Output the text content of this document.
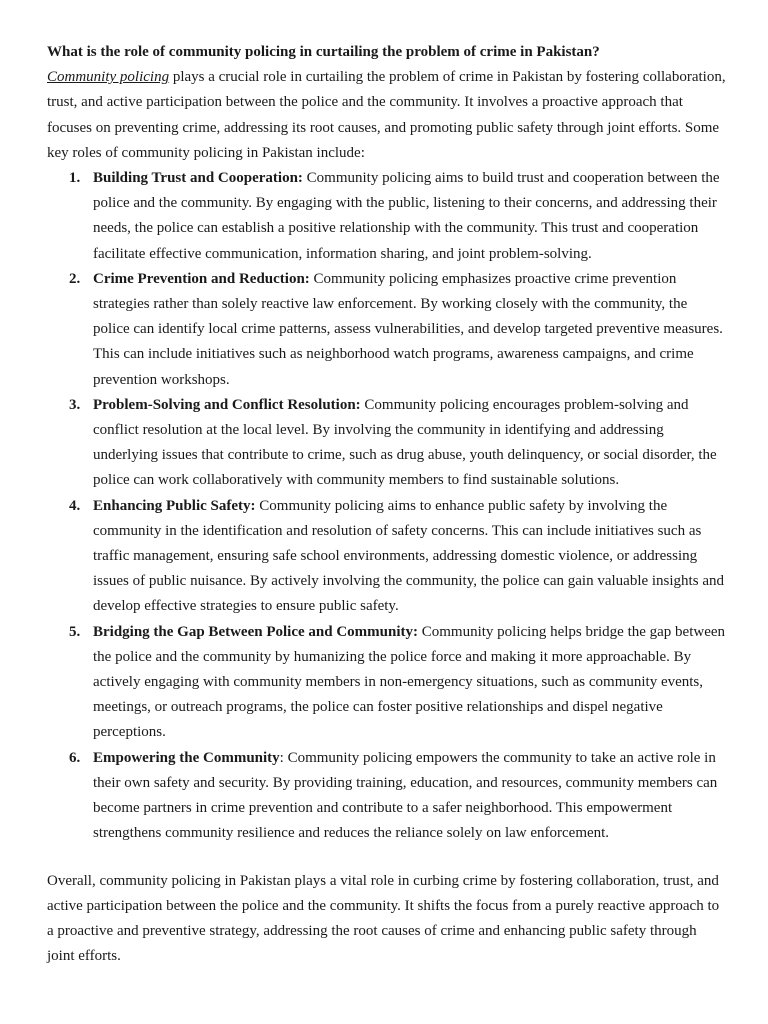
What is the role of community policing in curtailing the problem of crime in Pakistan?

Community policing plays a crucial role in curtailing the problem of crime in Pakistan by fostering collaboration, trust, and active participation between the police and the community. It involves a proactive approach that focuses on preventing crime, addressing its root causes, and promoting public safety through joint efforts. Some key roles of community policing in Pakistan include:

1. Building Trust and Cooperation: Community policing aims to build trust and cooperation between the police and the community. By engaging with the public, listening to their concerns, and addressing their needs, the police can establish a positive relationship with the community. This trust and cooperation facilitate effective communication, information sharing, and joint problem-solving.
2. Crime Prevention and Reduction: Community policing emphasizes proactive crime prevention strategies rather than solely reactive law enforcement. By working closely with the community, the police can identify local crime patterns, assess vulnerabilities, and develop targeted preventive measures. This can include initiatives such as neighborhood watch programs, awareness campaigns, and crime prevention workshops.
3. Problem-Solving and Conflict Resolution: Community policing encourages problem-solving and conflict resolution at the local level. By involving the community in identifying and addressing underlying issues that contribute to crime, such as drug abuse, youth delinquency, or social disorder, the police can work collaboratively with community members to find sustainable solutions.
4. Enhancing Public Safety: Community policing aims to enhance public safety by involving the community in the identification and resolution of safety concerns. This can include initiatives such as traffic management, ensuring safe school environments, addressing domestic violence, or addressing issues of public nuisance. By actively involving the community, the police can gain valuable insights and develop effective strategies to ensure public safety.
5. Bridging the Gap Between Police and Community: Community policing helps bridge the gap between the police and the community by humanizing the police force and making it more approachable. By actively engaging with community members in non-emergency situations, such as community events, meetings, or outreach programs, the police can foster positive relationships and dispel negative perceptions.
6. Empowering the Community: Community policing empowers the community to take an active role in their own safety and security. By providing training, education, and resources, community members can become partners in crime prevention and contribute to a safer neighborhood. This empowerment strengthens community resilience and reduces the reliance solely on law enforcement.

Overall, community policing in Pakistan plays a vital role in curbing crime by fostering collaboration, trust, and active participation between the police and the community. It shifts the focus from a purely reactive approach to a proactive and preventive strategy, addressing the root causes of crime and enhancing public safety through joint efforts.
